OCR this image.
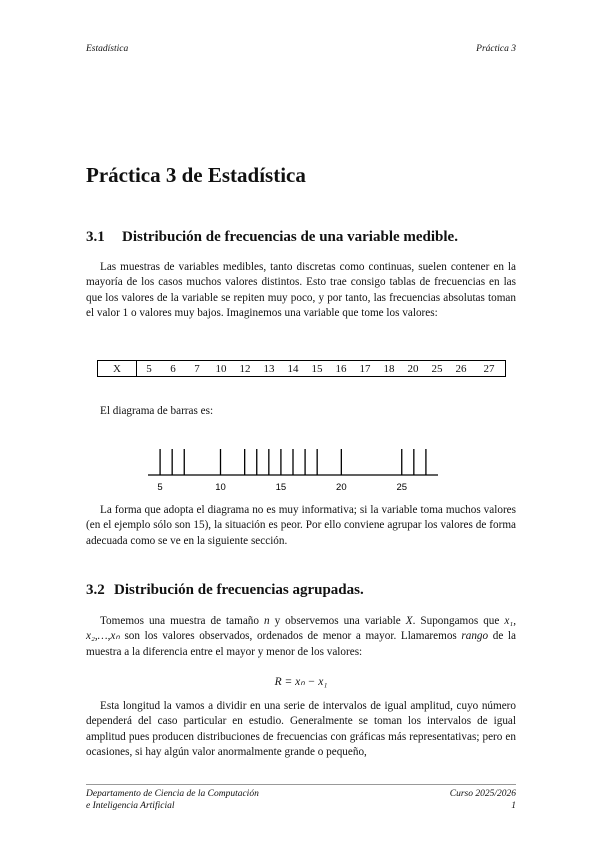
Estadística	Práctica 3
Práctica 3 de Estadística
3.1 Distribución de frecuencias de una variable medible.

Las muestras de variables medibles, tanto discretas como continuas, suelen contener en la mayoría de los casos muchos valores distintos. Esto trae consigo tablas de frecuencias en las que los valores de la variable se repiten muy poco, y por tanto, las frecuencias absolutas toman el valor 1 o valores muy bajos. Imaginemos una variable que tome los valores:

X	5	6	7	10	12	13	14	15	16	17	18	20	25	26	27
El diagrama de barras es:
5	10	15	20	25

La forma que adopta el diagrama no es muy informativa; si la variable toma muchos valores (en el ejemplo sólo son 15), la situación es peor. Por ello conviene agrupar los valores de forma adecuada como se ve en la siguiente sección.

3.2 Distribución de frecuencias agrupadas.

Tomemos una muestra de tamaño n y observemos una variable X. Supongamos que x₁, x₂,…,xₙ son los valores observados, ordenados de menor a mayor. Llamaremos rango de la muestra a la diferencia entre el mayor y menor de los valores:

R = xₙ − x₁

Esta longitud la vamos a dividir en una serie de intervalos de igual amplitud, cuyo número dependerá del caso particular en estudio. Generalmente se toman los intervalos de igual amplitud pues producen distribuciones de frecuencias con gráficas más representativas; pero en ocasiones, si hay algún valor anormalmente grande o pequeño,

Departamento de Ciencia de la Computación
e Inteligencia Artificial
Curso 2025/2026
1
